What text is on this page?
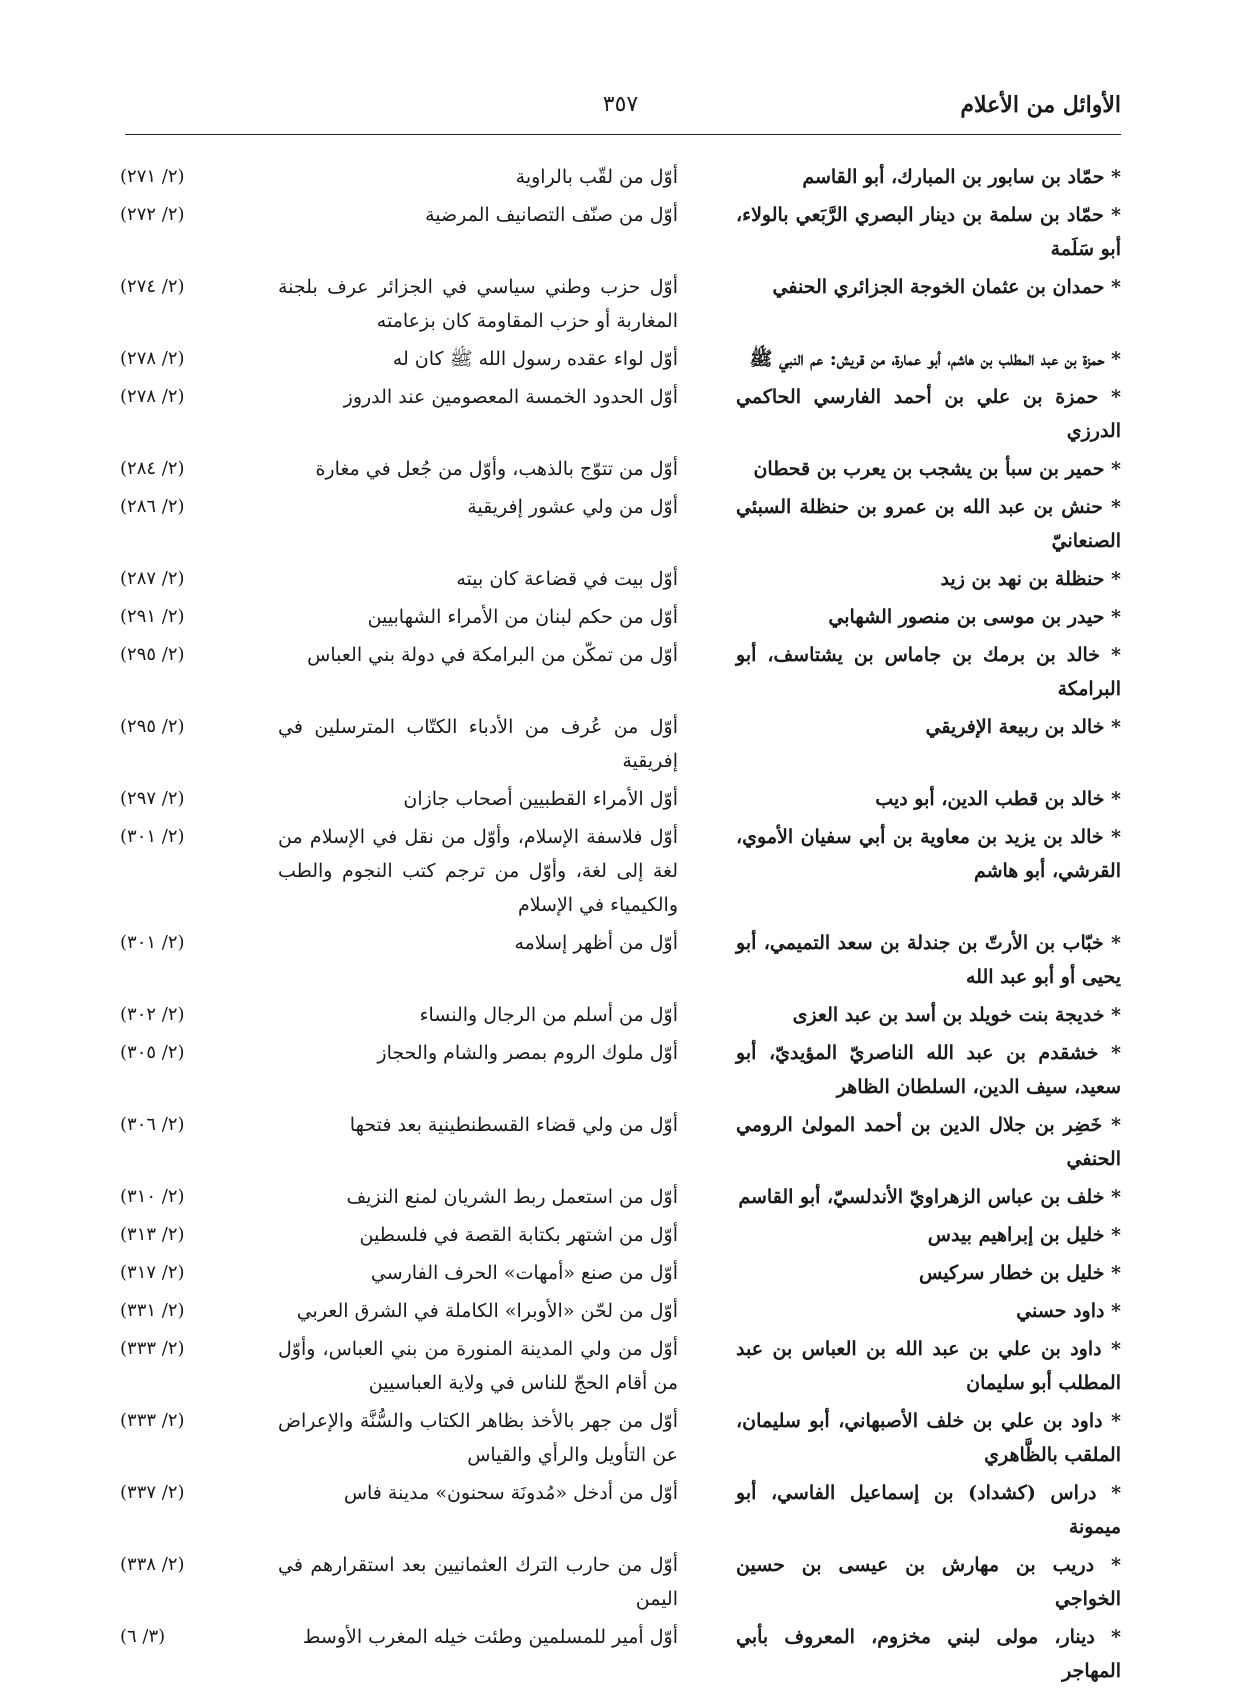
الأوائل من الأعلام
٣٥٧
* حمّاد بن سابور بن المبارك، أبو القاسم
أوّل من لقّب بالراوية
(٢/ ٢٧١)
* حمّاد بن سلمة بن دينار البصري الرَّبَعي بالولاء، أبو سَلَمة
أوّل من صنّف التصانيف المرضية
(٢/ ٢٧٢)
* حمدان بن عثمان الخوجة الجزائري الحنفي
أوّل حزب وطني سياسي في الجزائر عرف بلجنة المغاربة أو حزب المقاومة كان بزعامته
(٢/ ٢٧٤)
* حمزة بن عبد المطلب بن هاشم، أبو عمارة، من قريش: عم النبي ﷺ
أوّل لواء عقده رسول الله ﷺ كان له
(٢/ ٢٧٨)
* حمزة بن علي بن أحمد الفارسي الحاكمي الدرزي
أوّل الحدود الخمسة المعصومين عند الدروز
(٢/ ٢٧٨)
* حمير بن سبأ بن يشجب بن يعرب بن قحطان
أوّل من تتوّج بالذهب، وأوّل من جُعل في مغارة
(٢/ ٢٨٤)
* حنش بن عبد الله بن عمرو بن حنظلة السبئي الصنعانيّ
أوّل من ولي عشور إفريقية
(٢/ ٢٨٦)
* حنظلة بن نهد بن زيد
أوّل بيت في قضاعة كان بيته
(٢/ ٢٨٧)
* حيدر بن موسى بن منصور الشهابي
أوّل من حكم لبنان من الأمراء الشهابيين
(٢/ ٢٩١)
* خالد بن برمك بن جاماس بن يشتاسف، أبو البرامكة
أوّل من تمكّن من البرامكة في دولة بني العباس
(٢/ ٢٩٥)
* خالد بن ربيعة الإفريقي
أوّل من عُرف من الأدباء الكتّاب المترسلين في إفريقية
(٢/ ٢٩٥)
* خالد بن قطب الدين، أبو ديب
أوّل الأمراء القطبيين أصحاب جازان
(٢/ ٢٩٧)
* خالد بن يزيد بن معاوية بن أبي سفيان الأموي، القرشي، أبو هاشم
أوّل فلاسفة الإسلام، وأوّل من نقل في الإسلام من لغة إلى لغة، وأوّل من ترجم كتب النجوم والطب والكيمياء في الإسلام
(٢/ ٣٠١)
* خبّاب بن الأرتّ بن جندلة بن سعد التميمي، أبو يحيى أو أبو عبد الله
أوّل من أظهر إسلامه
(٢/ ٣٠١)
* خديجة بنت خويلد بن أسد بن عبد العزى
أوّل من أسلم من الرجال والنساء
(٢/ ٣٠٢)
* خشقدم بن عبد الله الناصريّ المؤيديّ، أبو سعيد، سيف الدين، السلطان الظاهر
أوّل ملوك الروم بمصر والشام والحجاز
(٢/ ٣٠٥)
* خَضِر بن جلال الدين بن أحمد المولىٰ الرومي الحنفي
أوّل من ولي قضاء القسطنطينية بعد فتحها
(٢/ ٣٠٦)
* خلف بن عباس الزهراويّ الأندلسيّ، أبو القاسم
أوّل من استعمل ربط الشريان لمنع النزيف
(٢/ ٣١٠)
* خليل بن إبراهيم بيدس
أوّل من اشتهر بكتابة القصة في فلسطين
(٢/ ٣١٣)
* خليل بن خطار سركيس
أوّل من صنع «أمهات» الحرف الفارسي
(٢/ ٣١٧)
* داود حسني
أوّل من لحّن «الأوبرا» الكاملة في الشرق العربي
(٢/ ٣٣١)
* داود بن علي بن عبد الله بن العباس بن عبد المطلب أبو سليمان
أوّل من ولي المدينة المنورة من بني العباس، وأوّل من أقام الحجّ للناس في ولاية العباسيين
(٢/ ٣٣٣)
* داود بن علي بن خلف الأصبهاني، أبو سليمان، الملقب بالظَّاهري
أوّل من جهر بالأخذ بظاهر الكتاب والسُّنَّة والإعراض عن التأويل والرأي والقياس
(٢/ ٣٣٣)
* دراس (كشداد) بن إسماعيل الفاسي، أبو ميمونة
أوّل من أدخل «مُدونَة سحنون» مدينة فاس
(٢/ ٣٣٧)
* دريب بن مهارش بن عيسى بن حسين الخواجي
أوّل من حارب الترك العثمانيين بعد استقرارهم في اليمن
(٢/ ٣٣٨)
* دينار، مولى لبني مخزوم، المعروف بأبي المهاجر
أوّل أمير للمسلمين وطئت خيله المغرب الأوسط
(٣/ ٦)
